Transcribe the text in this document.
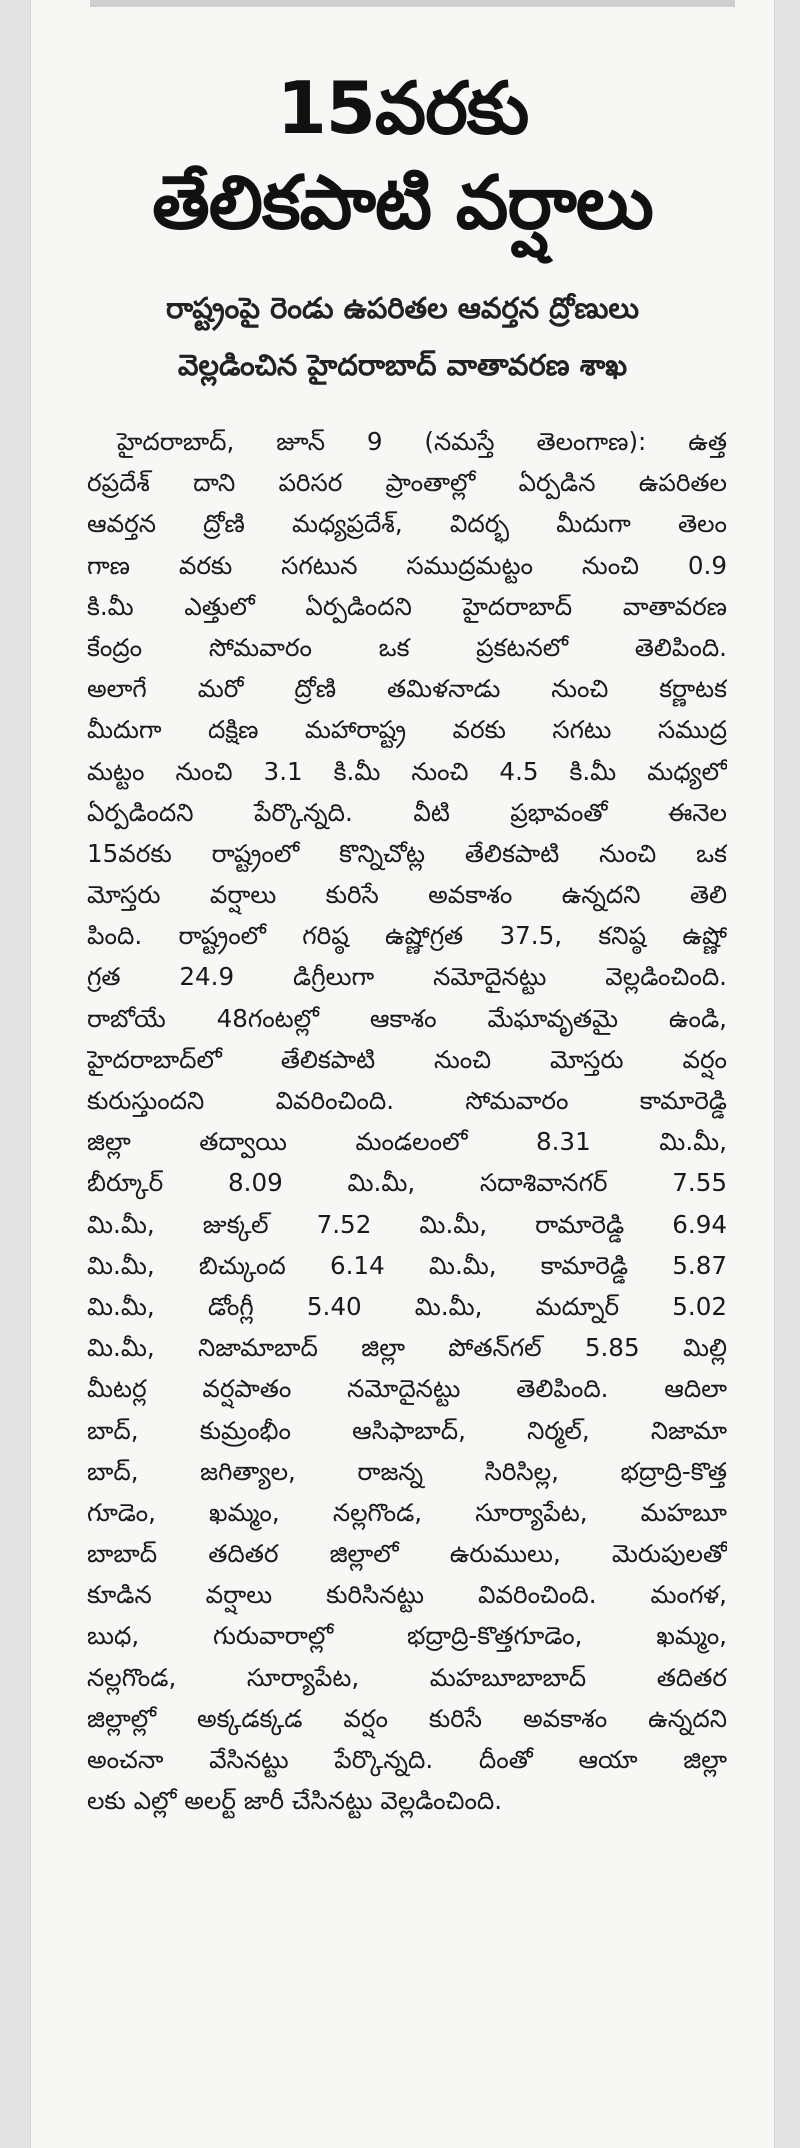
15వరకు
తేలికపాటి వర్షాలు
రాష్ట్రంపై రెండు ఉపరితల ఆవర్తన ద్రోణులు
వెల్లడించిన హైదరాబాద్ వాతావరణ శాఖ
హైదరాబాద్, జూన్ 9 (నమస్తే తెలంగాణ): ఉత్త
రప్రదేశ్ దాని పరిసర ప్రాంతాల్లో ఏర్పడిన ఉపరితల
ఆవర్తన ద్రోణి మధ్యప్రదేశ్, విదర్భ మీదుగా తెలం
గాణ వరకు సగటున సముద్రమట్టం నుంచి 0.9
కి.మీ ఎత్తులో ఏర్పడిందని హైదరాబాద్ వాతావరణ
కేంద్రం సోమవారం ఒక ప్రకటనలో తెలిపింది.
అలాగే మరో ద్రోణి తమిళనాడు నుంచి కర్ణాటక
మీదుగా దక్షిణ మహారాష్ట్ర వరకు సగటు సముద్ర
మట్టం నుంచి 3.1 కి.మీ నుంచి 4.5 కి.మీ మధ్యలో
ఏర్పడిందని పేర్కొన్నది. వీటి ప్రభావంతో ఈనెల
15వరకు రాష్ట్రంలో కొన్నిచోట్ల తేలికపాటి నుంచి ఒక
మోస్తరు వర్షాలు కురిసే అవకాశం ఉన్నదని తెలి
పింది. రాష్ట్రంలో గరిష్ఠ ఉష్ణోగ్రత 37.5, కనిష్ఠ ఉష్ణో
గ్రత 24.9 డిగ్రీలుగా నమోదైనట్టు వెల్లడించింది.
రాబోయే 48గంటల్లో ఆకాశం మేఘావృతమై ఉండి,
హైదరాబాద్‌లో తేలికపాటి నుంచి మోస్తరు వర్షం
కురుస్తుందని వివరించింది. సోమవారం కామారెడ్డి
జిల్లా తద్వాయి మండలంలో 8.31 మి.మీ,
బీర్కూర్ 8.09 మి.మీ, సదాశివానగర్ 7.55
మి.మీ, జుక్కల్ 7.52 మి.మీ, రామారెడ్డి 6.94
మి.మీ, బిచ్కుంద 6.14 మి.మీ, కామారెడ్డి 5.87
మి.మీ, డోంగ్లీ 5.40 మి.మీ, మద్నూర్ 5.02
మి.మీ, నిజామాబాద్ జిల్లా పోతన్‌గల్ 5.85 మిల్లి
మీటర్ల వర్షపాతం నమోదైనట్టు తెలిపింది. ఆదిలా
బాద్, కుమ్రంభీం ఆసిఫాబాద్, నిర్మల్, నిజామా
బాద్, జగిత్యాల, రాజన్న సిరిసిల్ల, భద్రాద్రి-కొత్త
గూడెం, ఖమ్మం, నల్లగొండ, సూర్యాపేట, మహబూ
బాబాద్ తదితర జిల్లాలో ఉరుములు, మెరుపులతో
కూడిన వర్షాలు కురిసినట్టు వివరించింది. మంగళ,
బుధ, గురువారాల్లో భద్రాద్రి-కొత్తగూడెం, ఖమ్మం,
నల్లగొండ, సూర్యాపేట, మహబూబాబాద్ తదితర
జిల్లాల్లో అక్కడక్కడ వర్షం కురిసే అవకాశం ఉన్నదని
అంచనా వేసినట్టు పేర్కొన్నది. దీంతో ఆయా జిల్లా
లకు ఎల్లో అలర్ట్ జారీ చేసినట్టు వెల్లడించింది.
